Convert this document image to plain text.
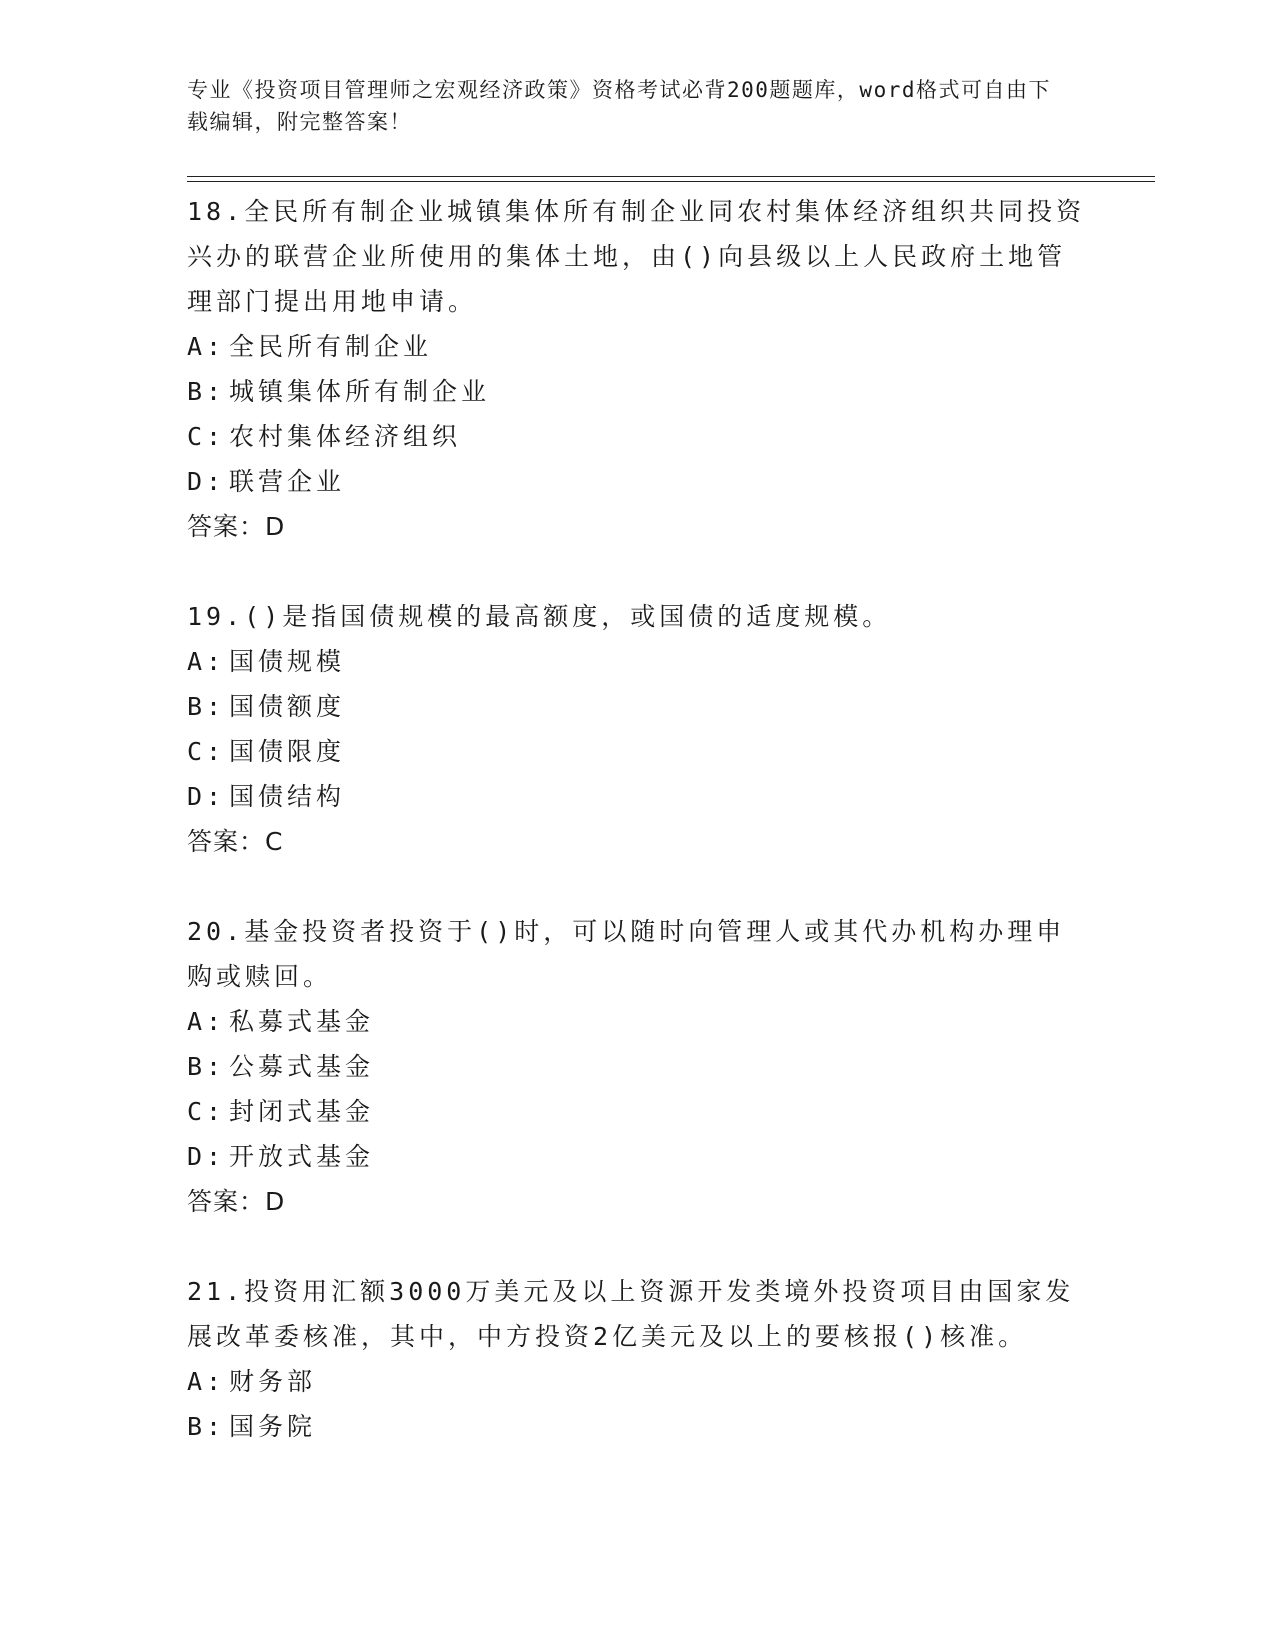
专业《投资项目管理师之宏观经济政策》资格考试必背200题题库，word格式可自由下载编辑，附完整答案！
18.全民所有制企业城镇集体所有制企业同农村集体经济组织共同投资兴办的联营企业所使用的集体土地，由()向县级以上人民政府土地管理部门提出用地申请。
A: 全民所有制企业
B: 城镇集体所有制企业
C: 农村集体经济组织
D: 联营企业
答案：D
19.()是指国债规模的最高额度，或国债的适度规模。
A: 国债规模
B: 国债额度
C: 国债限度
D: 国债结构
答案：C
20.基金投资者投资于()时，可以随时向管理人或其代办机构办理申购或赎回。
A: 私募式基金
B: 公募式基金
C: 封闭式基金
D: 开放式基金
答案：D
21.投资用汇额3000万美元及以上资源开发类境外投资项目由国家发展改革委核准，其中，中方投资2亿美元及以上的要核报()核准。
A: 财务部
B: 国务院
